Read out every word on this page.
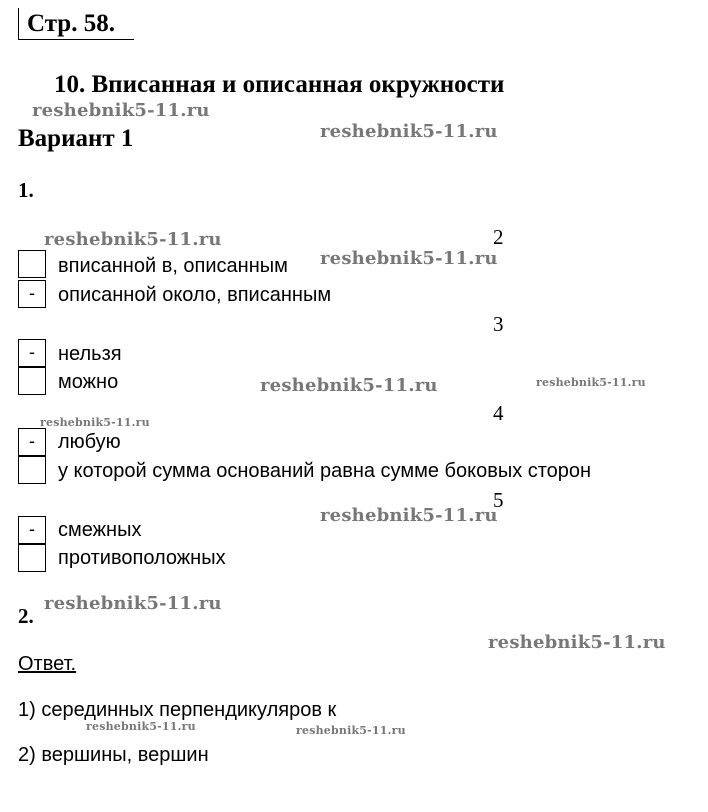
Стр. 58.
10. Вписанная и описанная окружности
Вариант 1
1.
2
вписанной в, описанным
-	описанной около, вписанным
3
-	нельзя
можно
4
-	любую
у которой сумма оснований равна сумме боковых сторон
5
-	смежных
противоположных
2.
Ответ.
1) серединных перпендикуляров к
2) вершины, вершин
reshebnik5-11.ru
reshebnik5-11.ru
reshebnik5-11.ru
reshebnik5-11.ru
reshebnik5-11.ru	reshebnik5-11.ru
reshebnik5-11.ru
reshebnik5-11.ru
reshebnik5-11.ru
reshebnik5-11.ru
reshebnik5-11.ru	reshebnik5-11.ru
